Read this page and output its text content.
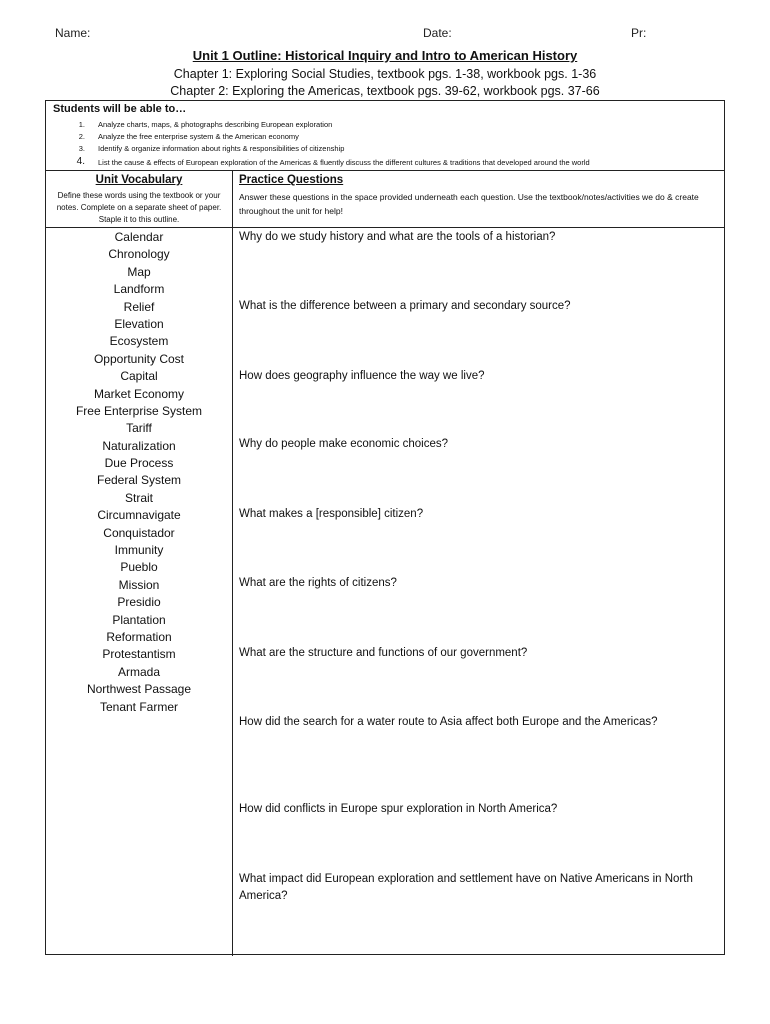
Name:	Date:	Pr:
Unit 1 Outline: Historical Inquiry and Intro to American History
Chapter 1: Exploring Social Studies, textbook pgs. 1-38, workbook pgs. 1-36
Chapter 2: Exploring the Americas, textbook pgs. 39-62, workbook pgs. 37-66
Students will be able to…
1. Analyze charts, maps, & photographs describing European exploration
2. Analyze the free enterprise system & the American economy
3. Identify & organize information about rights & responsibilities of citizenship
4. List the cause & effects of European exploration of the Americas & fluently discuss the different cultures & traditions that developed around the world
Unit Vocabulary
Define these words using the textbook or your notes. Complete on a separate sheet of paper. Staple it to this outline.
Practice Questions
Answer these questions in the space provided underneath each question. Use the textbook/notes/activities we do & create throughout the unit for help!
Calendar
Chronology
Map
Landform
Relief
Elevation
Ecosystem
Opportunity Cost
Capital
Market Economy
Free Enterprise System
Tariff
Naturalization
Due Process
Federal System
Strait
Circumnavigate
Conquistador
Immunity
Pueblo
Mission
Presidio
Plantation
Reformation
Protestantism
Armada
Northwest Passage
Tenant Farmer
Why do we study history and what are the tools of a historian?
What is the difference between a primary and secondary source?
How does geography influence the way we live?
Why do people make economic choices?
What makes a [responsible] citizen?
What are the rights of citizens?
What are the structure and functions of our government?
How did the search for a water route to Asia affect both Europe and the Americas?
How did conflicts in Europe spur exploration in North America?
What impact did European exploration and settlement have on Native Americans in North America?
